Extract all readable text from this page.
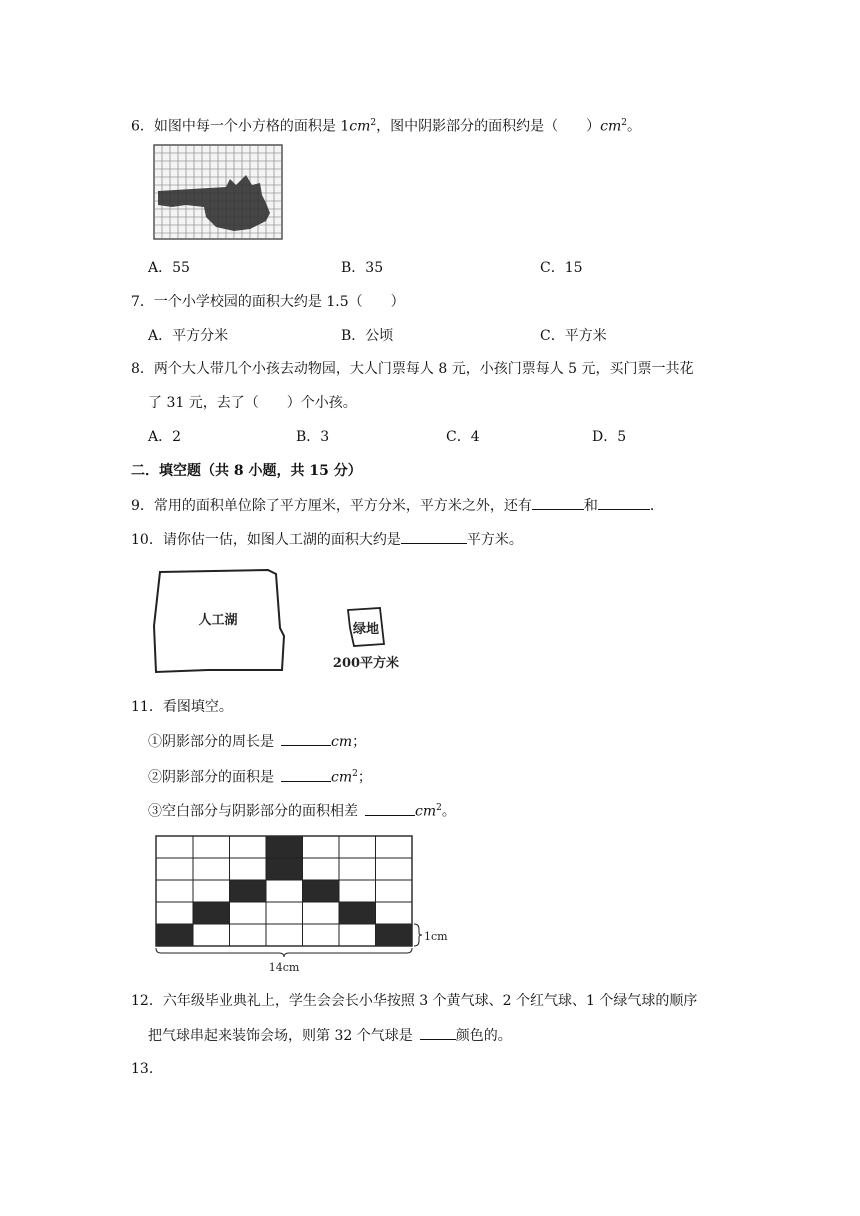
6．如图中每一个小方格的面积是 $1cm^2$，图中阴影部分的面积约是（　　）$cm^2$。
A．55	B．35	C．15
7．一个小学校园的面积大约是 1.5（　　）
A．平方分米	B．公顷	C．平方米
8．两个大人带几个小孩去动物园，大人门票每人 8 元，小孩门票每人 5 元，买门票一共花
了 31 元，去了（　　）个小孩。
A．2	B．3	C．4	D．5
二．填空题（共 8 小题，共 15 分）
9．常用的面积单位除了平方厘米，平方分米，平方米之外，还有	和	．
10．请你估一估，如图人工湖的面积大约是	平方米。
人工湖
绿地
200平方米
11．看图填空。
①阴影部分的周长是 	cm；
②阴影部分的面积是 	$cm^2$；
③空白部分与阴影部分的面积相差 	$cm^2$。
1cm
14cm
12．六年级毕业典礼上，学生会会长小华按照 3 个黄气球、2 个红气球、1 个绿气球的顺序
把气球串起来装饰会场，则第 32 个气球是 	颜色的。
13.
